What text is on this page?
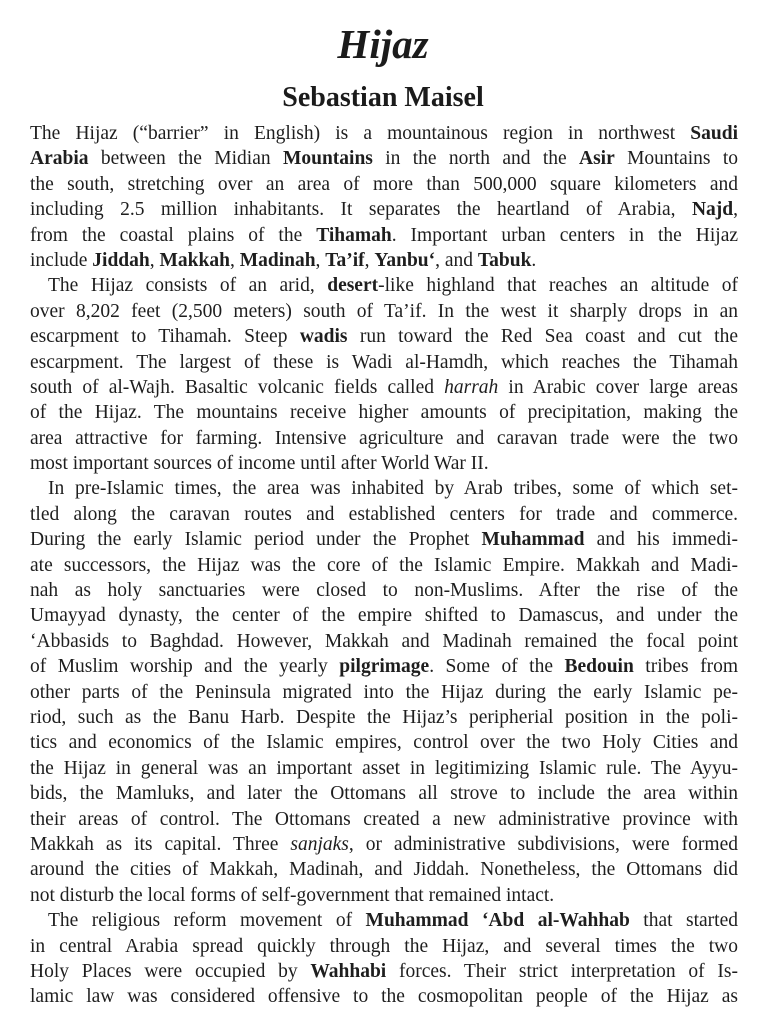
Hijaz
Sebastian Maisel
The Hijaz (“barrier” in English) is a mountainous region in northwest Saudi
Arabia between the Midian Mountains in the north and the Asir Mountains to
the south, stretching over an area of more than 500,000 square kilometers and
including 2.5 million inhabitants. It separates the heartland of Arabia, Najd,
from the coastal plains of the Tihamah. Important urban centers in the Hijaz
include Jiddah, Makkah, Madinah, Ta’if, Yanbu‘, and Tabuk.
The Hijaz consists of an arid, desert-like highland that reaches an altitude of
over 8,202 feet (2,500 meters) south of Ta’if. In the west it sharply drops in an
escarpment to Tihamah. Steep wadis run toward the Red Sea coast and cut the
escarpment. The largest of these is Wadi al-Hamdh, which reaches the Tihamah
south of al-Wajh. Basaltic volcanic fields called harrah in Arabic cover large areas
of the Hijaz. The mountains receive higher amounts of precipitation, making the
area attractive for farming. Intensive agriculture and caravan trade were the two
most important sources of income until after World War II.
In pre-Islamic times, the area was inhabited by Arab tribes, some of which set-
tled along the caravan routes and established centers for trade and commerce.
During the early Islamic period under the Prophet Muhammad and his immedi-
ate successors, the Hijaz was the core of the Islamic Empire. Makkah and Madi-
nah as holy sanctuaries were closed to non-Muslims. After the rise of the
Umayyad dynasty, the center of the empire shifted to Damascus, and under the
‘Abbasids to Baghdad. However, Makkah and Madinah remained the focal point
of Muslim worship and the yearly pilgrimage. Some of the Bedouin tribes from
other parts of the Peninsula migrated into the Hijaz during the early Islamic pe-
riod, such as the Banu Harb. Despite the Hijaz’s peripherial position in the poli-
tics and economics of the Islamic empires, control over the two Holy Cities and
the Hijaz in general was an important asset in legitimizing Islamic rule. The Ayyu-
bids, the Mamluks, and later the Ottomans all strove to include the area within
their areas of control. The Ottomans created a new administrative province with
Makkah as its capital. Three sanjaks, or administrative subdivisions, were formed
around the cities of Makkah, Madinah, and Jiddah. Nonetheless, the Ottomans did
not disturb the local forms of self-government that remained intact.
The religious reform movement of Muhammad ‘Abd al-Wahhab that started
in central Arabia spread quickly through the Hijaz, and several times the two
Holy Places were occupied by Wahhabi forces. Their strict interpretation of Is-
lamic law was considered offensive to the cosmopolitan people of the Hijaz as
